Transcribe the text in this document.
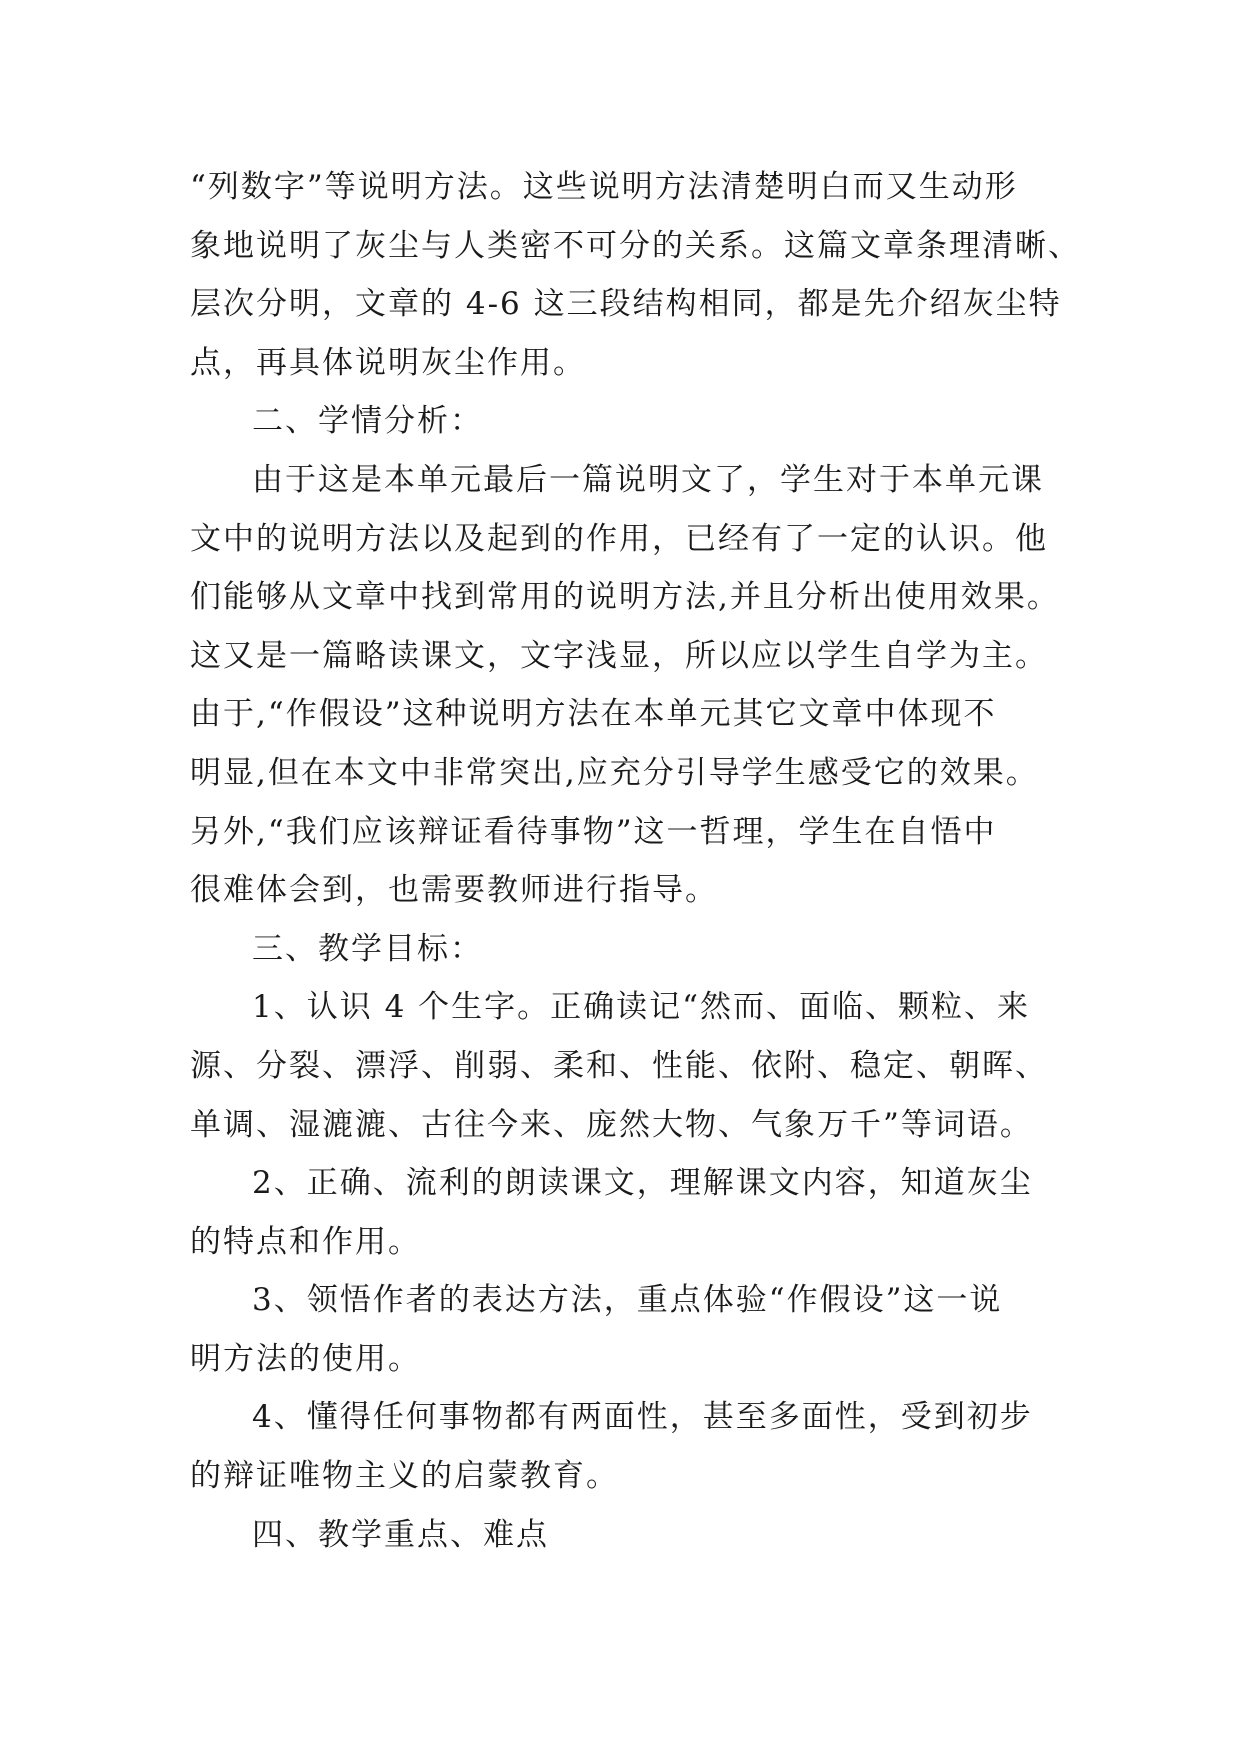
“列数字”等说明方法。这些说明方法清楚明白而又生动形
象地说明了灰尘与人类密不可分的关系。这篇文章条理清晰、
层次分明，文章的 4-6 这三段结构相同，都是先介绍灰尘特
点，再具体说明灰尘作用。
二、学情分析：
由于这是本单元最后一篇说明文了，学生对于本单元课
文中的说明方法以及起到的作用，已经有了一定的认识。他
们能够从文章中找到常用的说明方法,并且分析出使用效果。
这又是一篇略读课文，文字浅显，所以应以学生自学为主。
由于,“作假设”这种说明方法在本单元其它文章中体现不
明显,但在本文中非常突出,应充分引导学生感受它的效果。
另外,“我们应该辩证看待事物”这一哲理，学生在自悟中
很难体会到，也需要教师进行指导。
三、教学目标：
1、认识 4 个生字。正确读记“然而、面临、颗粒、来
源、分裂、漂浮、削弱、柔和、性能、依附、稳定、朝晖、
单调、湿漉漉、古往今来、庞然大物、气象万千”等词语。
2、正确、流利的朗读课文，理解课文内容，知道灰尘
的特点和作用。
3、领悟作者的表达方法，重点体验“作假设”这一说
明方法的使用。
4、懂得任何事物都有两面性，甚至多面性，受到初步
的辩证唯物主义的启蒙教育。
四、教学重点、难点
